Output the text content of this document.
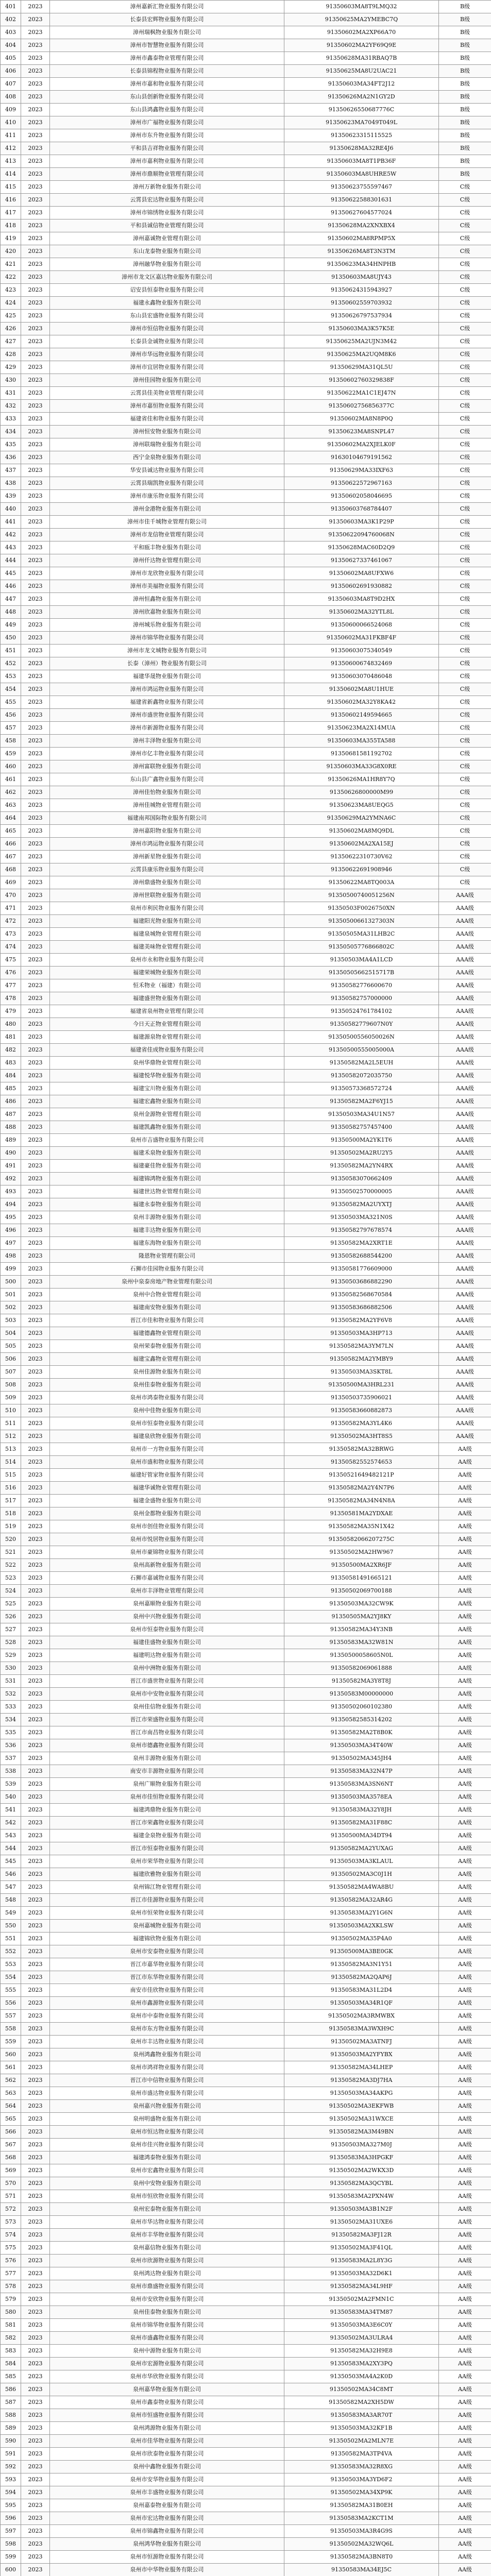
401	2023	漳州嘉新汇物业服务有限公司	91350603MA8T9LMQ32	B级
402	2023	长泰县宏辉物业服务有限公司	91350625MA2YMEBC7Q	B级
403	2023	漳州瑞枫物业服务有限公司	91350602MA2XP66A70	B级
404	2023	漳州市智慧物业服务有限公司	91350602MA2YF69Q9E	B级
405	2023	漳州市鑫泰物业管理有限公司	91350628MA31RBAQ7B	B级
406	2023	长泰县锦程物业服务有限公司	91350625MA8U2UAC21	B级
407	2023	漳州市嘉和物业服务有限公司	91350603MA34FT2J12	B级
408	2023	东山县创新物业服务有限公司	91350626MA2N1GY2D	B级
409	2023	东山县鸿鑫物业服务有限公司	91350626550687776C	B级
410	2023	漳州市广福物业服务有限公司	91350623MA7049T049L	B级
411	2023	漳州市东升物业服务有限公司	91350623315115525	B级
412	2023	平和县吉祥物业服务有限公司	91350628MA32RE4J6	B级
413	2023	漳州市嘉利物业服务有限公司	91350603MA8T1PB36F	B级
414	2023	漳州市鼎顺物业管理有限公司	91350603MA8UHRE5W	B级
415	2023	漳州万新物业服务有限公司	91350623755597467	C级
416	2023	云霄县宏达物业服务有限公司	91350622588301631	C级
417	2023	漳州市锦绣物业服务有限公司	91350627604577024	C级
418	2023	平和县诚信物业管理有限公司	91350628MA2XNXBX4	C级
419	2023	漳州嘉诚物业管理有限公司	91350602MA8RPMP5X	C级
420	2023	东山龙泰物业服务有限公司	91350626MA8T3N3TM	C级
421	2023	漳州融华物业服务有限公司	91350623MA34HNPHB	C级
422	2023	漳州市龙文区嘉达物业服务有限公司	91350603MA8UJY43	C级
423	2023	诏安县恒泰物业服务有限公司	91350624315943927	C级
424	2023	福建永鑫物业服务有限公司	91350602559703932	C级
425	2023	东山县宏盛物业服务有限公司	91350626797537934	C级
426	2023	漳州市恒信物业服务有限公司	91350603MA3K57K5E	C级
427	2023	长泰县金诚物业服务有限公司	91350625MA2UJN3M42	C级
428	2023	漳州市华远物业服务有限公司	91350625MA2UQM8K6	C级
429	2023	漳州市宜居物业服务有限公司	91350629MA31QL5U	C级
430	2023	漳州佳园物业服务有限公司	91350602760329838F	C级
431	2023	云霄县佳美物业管理有限公司	91350622MA1C1EJ47N	C级
432	2023	漳州市嘉恒物业服务有限公司	91350602756856377C	C级
433	2023	福建省佳和物业服务有限公司	91350602MA8N8P0Q	C级
434	2023	漳州恒安物业服务有限公司	91350623MA8SNPL47	C级
435	2023	漳州联瑞物业服务有限公司	91350602MA2XJELK0F	C级
436	2023	西宁金泉物业服务有限公司	91630104679191562	C级
437	2023	华安县诚达物业服务有限公司	91350629MA33IXF63	C级
438	2023	云霄县瑞凯物业服务有限公司	91350622572967163	C级
439	2023	漳州市康乐物业服务有限公司	91350602058046695	C级
440	2023	漳州金港物业服务有限公司	91350603768784407	C级
441	2023	漳州市佳千城物业管理有限公司	91350603MA3K1P29P	C级
442	2023	漳州市龙信物业管理有限公司	91350622094760068N	C级
443	2023	平和瓯丰物业服务有限公司	91350628MAC60D2Q9	C级
444	2023	漳州仟达物业管理有限公司	91350627337461067	C级
445	2023	漳州市龙欣物业服务有限公司	91350602MA8UFXW6	C级
446	2023	漳州市美福物业服务有限公司	91350602691930882	C级
447	2023	漳州恒鑫物业服务有限公司	91350603MA8T9D2HX	C级
448	2023	漳州欣嘉物业服务有限公司	91350602MA32YTL8L	C级
449	2023	漳州城乐物业服务有限公司	91350600066524068	C级
450	2023	漳州市锦华物业服务有限公司	91350602MA31FKBF4F	C级
451	2023	漳州市龙文城物业服务有限公司	91350603075340549	C级
452	2023	长泰（漳州）物业服务有限公司	91350600674832469	C级
453	2023	福建华晟物业服务有限公司	91350603070486048	C级
454	2023	漳州市鸿运物业服务有限公司	91350602MA8U1HUE	C级
455	2023	福建省新鑫物业服务有限公司	91350602MA32Y8KA42	C级
456	2023	漳州市盛世物业服务有限公司	91350602149594665	C级
457	2023	漳州市新源物业服务有限公司	91350623MA2X14MUA	C级
458	2023	漳州丰泽物业服务有限公司	91350603MA355TA588	C级
459	2023	漳州市亿丰物业服务有限公司	91350681581192702	C级
460	2023	漳州富联物业服务有限公司	91350603MA33G8X0RE	C级
461	2023	东山县广鑫物业服务有限公司	91350626MA1HR8Y7Q	C级
462	2023	漳州佳怡物业服务有限公司	91350626800000M99	C级
463	2023	漳州佳城物业管理有限公司	91350623MA8UEQG5	C级
464	2023	福建南邦国际物业服务有限公司	91350629MA2YMNA6C	C级
465	2023	漳州嘉阳物业服务有限公司	91350602MA8MQ9DL	C级
466	2023	漳州市鸿运物业服务有限公司	91350602MA2XA15EJ	C级
467	2023	漳州新星物业服务有限公司	91350622310730V62	C级
468	2023	云霄县康乐物业服务有限公司	91350622691908946	C级
469	2023	漳州鼎盛物业服务有限公司	91350622MA8TQ003A	C级
470	2023	漳州世联物业服务有限公司	91350500740051256N	AAA级
471	2023	泉州市利民物业服务有限公司	91350503F0026750XN	AAA级
472	2023	福建阳光物业服务有限公司	91350500661327303N	AAA级
473	2023	福建泉城物业管理有限公司	91350505MA31LHB2C	AAA级
474	2023	福建美味物业管理有限公司	91350505776866802C	AAA级
475	2023	泉州市永和物业服务有限公司	91350503MA4A1LCD	AAA级
476	2023	福建荣城物业服务有限公司	91350505662515717B	AAA级
477	2023	恒禾物业（福建）有限公司	91350582776600670	AAA级
478	2023	福建盛世物业服务有限公司	91350582757000000	AAA级
479	2023	福建省泉州物业管理有限公司	91350524761784102	AAA级
480	2023	今日天正物业管理有限公司	91350582779607N0Y	AAA级
481	2023	福建源泉物业管理有限公司	91350500556050026N	AAA级
482	2023	福建省佳成物业服务有限公司	91350500555005000A	AAA级
483	2023	泉州华鼎物业管理有限公司	91350582MA2L5EUH	AAA级
484	2023	福建悦华物业服务有限公司	91350582072035750	AAA级
485	2023	福建宝川物业服务有限公司	91350573368572724	AAA级
486	2023	福建宏鑫物业服务有限公司	91350582MA2F6YJ15	AAA级
487	2023	泉州金源物业管理有限公司	91350503MA34U1N57	AAA级
488	2023	福建凯鑫物业服务有限公司	91350582757457400	AAA级
489	2023	泉州市吉盛物业服务有限公司	91350500MA2YK1T6	AAA级
490	2023	福建禾泉物业服务有限公司	91350502MA2RU2Y5	AAA级
491	2023	福建豪佳物业服务有限公司	91350582MA2YN4RX	AAA级
492	2023	福建锦鸿物业服务有限公司	91350583070662409	AAA级
493	2023	福建世达物业管理有限公司	91350502570000005	AAA级
494	2023	福建永泰物业服务有限公司	91350582MA2UYXTJ	AAA级
495	2023	泉州丰源物业服务有限公司	91350503MA321N0S	AAA级
496	2023	福建丰达物业服务有限公司	91350582797678574	AAA级
497	2023	福建东海物业服务有限公司	91350582MA2XRT1E	AAA级
498	2023	隆恩物业管理有限公司	91350582688544200	AAA级
499	2023	石狮市佳园物业服务有限公司	91350581776609000	AAA级
500	2023	泉州中泉泰房地产物业管理有限公司	91350503686882290	AAA级
501	2023	泉州中合物业管理有限公司	91350582568670584	AAA级
502	2023	福建南安物业服务有限公司	91350583686882506	AAA级
503	2023	晋江市佳和物业服务有限公司	91350582MA2YF6V8	AAA级
504	2023	福建德鑫物业管理有限公司	91350503MA3HP713	AAA级
505	2023	泉州荣泰物业服务有限公司	91350582MA3YM7LN	AAA级
506	2023	福建宝鑫物业管理有限公司	91350582MA2YMBY9	AAA级
507	2023	泉州佳源物业服务有限公司	91350503MA3SKT8L	AAA级
508	2023	泉州佳泰物业服务有限公司	91350500MA3HRL231	AAA级
509	2023	泉州市鸿泰物业服务有限公司	91350503735906021	AAA级
510	2023	泉州中佳物业服务有限公司	91350583660882873	AAA级
511	2023	泉州市恒泰物业服务有限公司	91350582MA3YL4K6	AAA级
512	2023	福建泉欣物业服务有限公司	91350502MA3HT8S5	AAA级
513	2023	泉州市一方物业服务有限公司	91350582MA32BRWG	AA级
514	2023	泉州市盛和物业服务有限公司	91350582552574653	AA级
515	2023	福建好管家物业服务有限公司	91350521649482121P	AA级
516	2023	福建华诚物业管理有限公司	91350582MA2Y4N7P6	AA级
517	2023	福建金盛物业服务有限公司	91350582MA34N4N8A	AA级
518	2023	泉州金都物业服务有限公司	91350581MA2YDXAE	AA级
519	2023	泉州市创佳物业服务有限公司	91350582MA35N1X42	AA级
520	2023	泉州市悦居物业服务有限公司	91350582066207275C	AA级
521	2023	泉州市豪锦物业服务有限公司	91350502MA2HW967	AA级
522	2023	泉州高新物业服务有限公司	91350500MA2XR6JF	AA级
523	2023	石狮市嘉诚物业服务有限公司	91350581491665121	AA级
524	2023	泉州市丰泽物业管理有限公司	91350502069700188	AA级
525	2023	泉州嘉顺物业服务有限公司	91350503MA32CW9K	AA级
526	2023	泉州中兴物业服务有限公司	91350505MA2YJ8KY	AA级
527	2023	泉州市恒泰物业服务有限公司	91350582MA34Y3NB	AA级
528	2023	福建佳盛物业服务有限公司	91350583MA32W81N	AA级
529	2023	福建明达物业服务有限公司	91350500058605N0L	AA级
530	2023	泉州中洲物业服务有限公司	91350582069061888	AA级
531	2023	晋江市盛世物业服务有限公司	91350582MA3Y8T8J	AA级
532	2023	泉州市中安物业服务有限公司	91350583M00000000	AA级
533	2023	泉州佳信物业服务有限公司	91350502060102380	AA级
534	2023	晋江市荣盛物业服务有限公司	91350582585314202	AA级
535	2023	晋江市南昌物业服务有限公司	91350582MA2T8B0K	AA级
536	2023	泉州市德鑫物业服务有限公司	91350503MA34T40W	AA级
537	2023	泉州丰源物业服务有限公司	91350502MA345JH4	AA级
538	2023	南安市丰源物业服务有限公司	91350583MA32N47P	AA级
539	2023	泉州广顺物业服务有限公司	91350583MA3SN6NT	AA级
540	2023	泉州市佳恒物业服务有限公司	91350503MA3578EA	AA级
541	2023	福建鸿鼎物业服务有限公司	91350583MA32Y8JH	AA级
542	2023	晋江市荣鑫物业服务有限公司	91350582MA31F88C	AA级
543	2023	福建金泉物业服务有限公司	91350500MA34DT94	AA级
544	2023	晋江市恒泰物业服务有限公司	91350582MA2YUXAG	AA级
545	2023	泉州市荣华物业服务有限公司	91350503MA3KLAUL	AA级
546	2023	福建欣雅物业服务有限公司	91350502MA3C0J1H	AA级
547	2023	泉州锦江物业管理有限公司	91350582MA4WA8BU	AA级
548	2023	晋江市佳源物业服务有限公司	91350582MA32AR4G	AA级
549	2023	泉州市恒荣物业服务有限公司	91350583MA2Y1G6N	AA级
550	2023	泉州嘉城物业服务有限公司	91350503MA2XKLSW	AA级
551	2023	福建锦欣物业服务有限公司	91350502MA35P4A0	AA级
552	2023	泉州市安泰物业服务有限公司	91350500MA3BE0GK	AA级
553	2023	晋江市嘉华物业服务有限公司	91350582MA3N1Y51	AA级
554	2023	晋江市东华物业服务有限公司	91350582MA2QAP6J	AA级
555	2023	南安市佳欣物业服务有限公司	91350583MA31L2D4	AA级
556	2023	泉州市鑫源物业服务有限公司	91350503MA34R1QF	AA级
557	2023	泉州市中泰物业服务有限公司	91350502MA3RMWBX	AA级
558	2023	泉州市东方物业服务有限公司	91350583MA3WXH9C	AA级
559	2023	泉州市丰达物业服务有限公司	91350502MA3ATNFJ	AA级
560	2023	泉州鸿鑫物业服务有限公司	91350503MA2YFYBX	AA级
561	2023	泉州市鸿祥物业服务有限公司	91350582MA34LHEP	AA级
562	2023	晋江市中信物业服务有限公司	91350582MA3DJ7HA	AA级
563	2023	泉州市盛达物业服务有限公司	91350503MA34AKPG	AA级
564	2023	泉州嘉兴物业服务有限公司	91350502MA3EKFWB	AA级
565	2023	泉州明盛物业服务有限公司	91350502MA31WXCE	AA级
566	2023	泉州市恒达物业服务有限公司	91350582MA3M49BN	AA级
567	2023	泉州市佳兴物业服务有限公司	91350503MA327M0J	AA级
568	2023	福建鸿泰物业服务有限公司	91350583MA3HPGKF	AA级
569	2023	泉州市宏鑫物业服务有限公司	91350502MA2WKX3D	AA级
570	2023	泉州中安物业服务有限公司	91350582MA3QCYBL	AA级
571	2023	泉州市恒欣物业服务有限公司	91350583MA2PXN4W	AA级
572	2023	泉州宏泰物业服务有限公司	91350503MA3B1N2F	AA级
573	2023	泉州市华达物业服务有限公司	91350502MA31UXE6	AA级
574	2023	泉州市丰华物业服务有限公司	91350582MA3FJ12R	AA级
575	2023	泉州嘉信物业服务有限公司	91350502MA3F41QL	AA级
576	2023	泉州市欣源物业服务有限公司	91350583MA2L8Y3G	AA级
577	2023	泉州鸿达物业服务有限公司	91350503MA32D6K1	AA级
578	2023	泉州市鼎盛物业服务有限公司	91350582MA34L9HF	AA级
579	2023	泉州市安欣物业服务有限公司	91350502MA2FMN1C	AA级
580	2023	泉州佳泰物业服务有限公司	91350583MA34TM87	AA级
581	2023	泉州市锦华物业服务有限公司	91350503MA3E6C0Y	AA级
582	2023	泉州市盛鑫物业服务有限公司	91350502MA3ULRA4	AA级
583	2023	泉州中源物业服务有限公司	91350582MA32H9E8	AA级
584	2023	泉州市宏源物业服务有限公司	91350583MA2XY3PQ	AA级
585	2023	泉州市华欣物业服务有限公司	91350503MA4A2K0D	AA级
586	2023	泉州嘉华物业服务有限公司	91350502MA34C8MT	AA级
587	2023	泉州市鑫泰物业服务有限公司	91350582MA2XH5DW	AA级
588	2023	泉州市恒盛物业服务有限公司	91350583MA3AR70T	AA级
589	2023	泉州鸿源物业服务有限公司	91350503MA32KF1B	AA级
590	2023	泉州市佳华物业服务有限公司	91350502MA2MLN7E	AA级
591	2023	泉州市欣泰物业服务有限公司	91350582MA3TP4VA	AA级
592	2023	泉州中鑫物业服务有限公司	91350583MA32R8XG	AA级
593	2023	泉州市安华物业服务有限公司	91350503MA3YD6F2	AA级
594	2023	泉州市丰盛物业服务有限公司	91350502MA34XP9K	AA级
595	2023	泉州嘉泰物业服务有限公司	91350582MA31B0EH	AA级
596	2023	泉州市宏达物业服务有限公司	91350583MA2KCT1M	AA级
597	2023	泉州市锦鑫物业服务有限公司	91350503MA3R4G9S	AA级
598	2023	泉州鸿华物业服务有限公司	91350502MA32WQ6L	AA级
599	2023	泉州市恒源物业服务有限公司	91350582MA3BN8T0	AA级
600	2023	泉州市中华物业服务有限公司	91350583MA34EJ5C	AA级
